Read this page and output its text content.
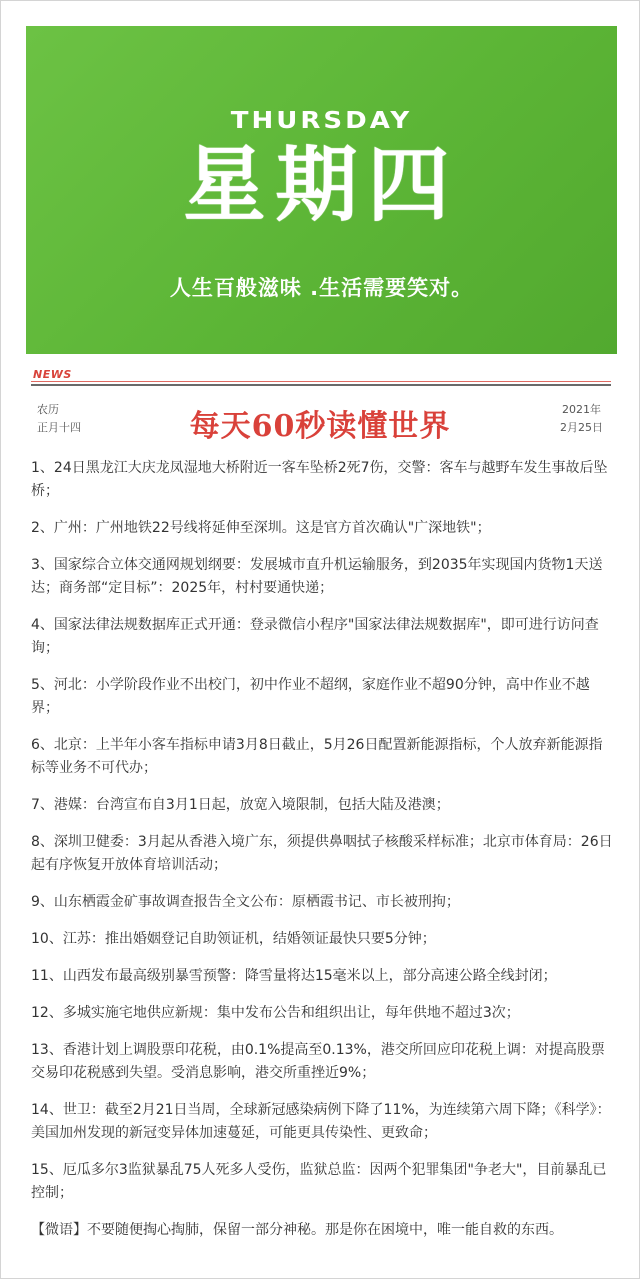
THURSDAY
星期四
人生百般滋味 .生活需要笑对。
NEWS
农历
正月十四	每天60秒读懂世界	2021年
2月25日

1、24日黑龙江大庆龙凤湿地大桥附近一客车坠桥2死7伤，交警：客车与越野车发生事故后坠桥；

2、广州：广州地铁22号线将延伸至深圳。这是官方首次确认"广深地铁"；

3、国家综合立体交通网规划纲要：发展城市直升机运输服务，到2035年实现国内货物1天送达；商务部“定目标”：2025年，村村要通快递；

4、国家法律法规数据库正式开通：登录微信小程序"国家法律法规数据库"，即可进行访问查询；

5、河北：小学阶段作业不出校门，初中作业不超纲，家庭作业不超90分钟，高中作业不越界；

6、北京：上半年小客车指标申请3月8日截止，5月26日配置新能源指标，个人放弃新能源指标等业务不可代办；

7、港媒：台湾宣布自3月1日起，放宽入境限制，包括大陆及港澳；

8、深圳卫健委：3月起从香港入境广东，须提供鼻咽拭子核酸采样标准；北京市体育局：26日起有序恢复开放体育培训活动；

9、山东栖霞金矿事故调查报告全文公布：原栖霞书记、市长被刑拘；

10、江苏：推出婚姻登记自助领证机，结婚领证最快只要5分钟；

11、山西发布最高级别暴雪预警：降雪量将达15毫米以上，部分高速公路全线封闭；

12、多城实施宅地供应新规：集中发布公告和组织出让，每年供地不超过3次；

13、香港计划上调股票印花税，由0.1%提高至0.13%，港交所回应印花税上调：对提高股票交易印花税感到失望。受消息影响，港交所重挫近9%；

14、世卫：截至2月21日当周，全球新冠感染病例下降了11%，为连续第六周下降；《科学》：美国加州发现的新冠变异体加速蔓延，可能更具传染性、更致命；

15、厄瓜多尔3监狱暴乱75人死多人受伤，监狱总监：因两个犯罪集团"争老大"，目前暴乱已控制；

【微语】不要随便掏心掏肺，保留一部分神秘。那是你在困境中，唯一能自救的东西。
